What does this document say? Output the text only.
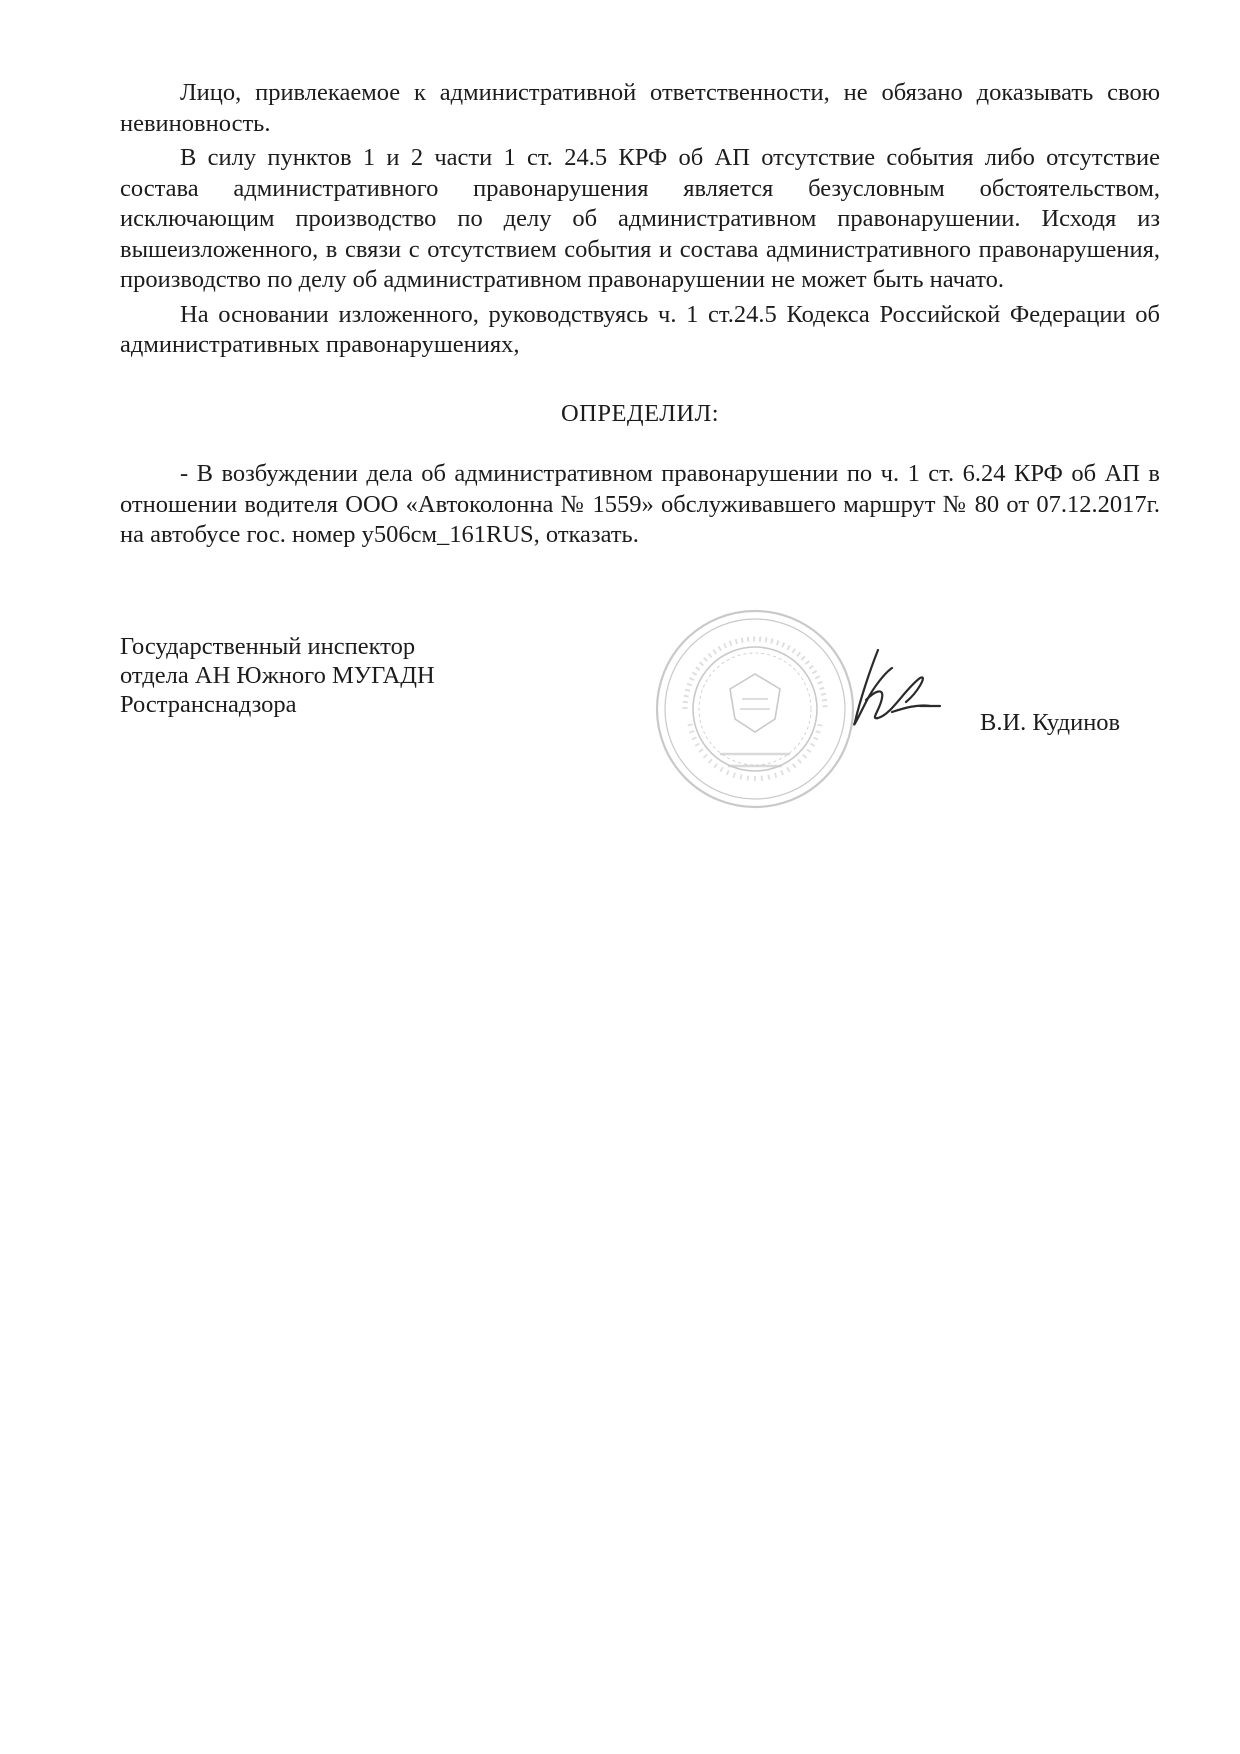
Лицо, привлекаемое к административной ответственности, не обязано доказывать свою невиновность.

В силу пунктов 1 и 2 части 1 ст. 24.5 КРФ об АП отсутствие события либо отсутствие состава административного правонарушения является безусловным обстоятельством, исключающим производство по делу об административном правонарушении. Исходя из вышеизложенного, в связи с отсутствием события и состава административного правонарушения, производство по делу об административном правонарушении не может быть начато.

На основании изложенного, руководствуясь ч. 1 ст.24.5 Кодекса Российской Федерации об административных правонарушениях,

ОПРЕДЕЛИЛ:

- В возбуждении дела об административном правонарушении по ч. 1 ст. 6.24 КРФ об АП в отношении водителя ООО «Автоколонна № 1559» обслуживавшего маршрут № 80 от 07.12.2017г. на автобусе гос. номер у506см_161RUS, отказать.

Государственный инспектор
отдела АН Южного МУГАДН
Ространснадзора
В.И. Кудинов
